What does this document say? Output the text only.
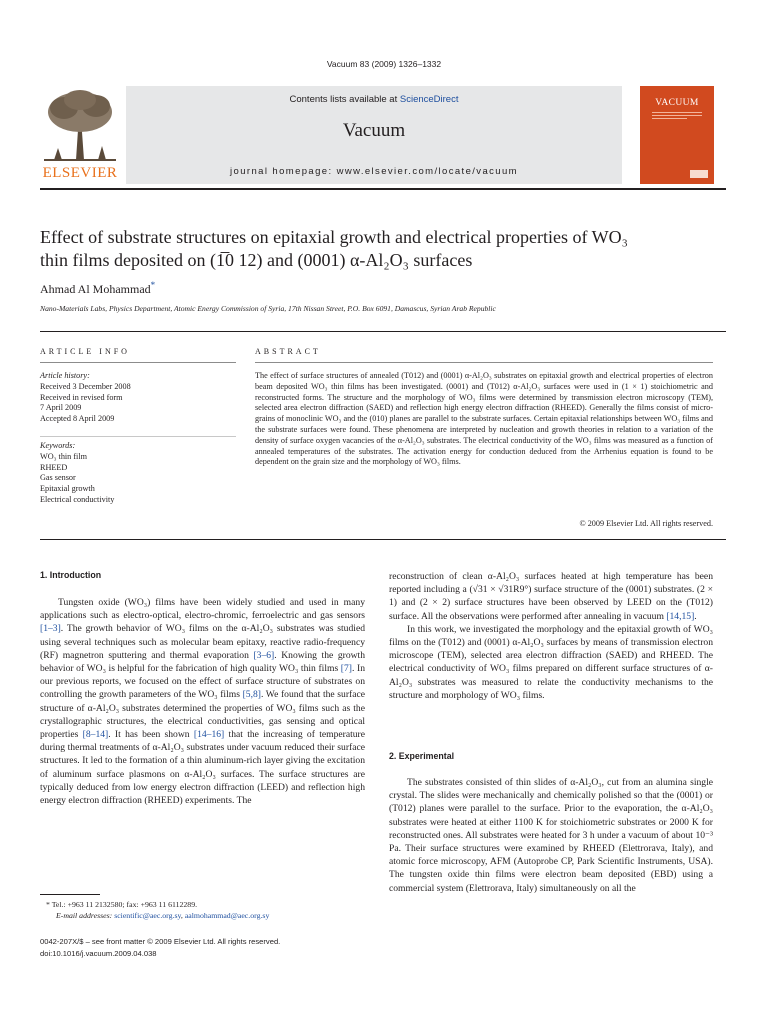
Vacuum 83 (2009) 1326–1332
ELSEVIER
Contents lists available at ScienceDirect
Vacuum
journal homepage: www.elsevier.com/locate/vacuum
VACUUM
Effect of substrate structures on epitaxial growth and electrical properties of WO₃
thin films deposited on (1̅0 12) and (0001) α-Al₂O₃ surfaces
Ahmad Al Mohammad*
Nano-Materials Labs, Physics Department, Atomic Energy Commission of Syria, 17th Nissan Street, P.O. Box 6091, Damascus, Syrian Arab Republic
ARTICLE INFO
Article history:
Received 3 December 2008
Received in revised form
7 April 2009
Accepted 8 April 2009
Keywords:
WO₃ thin film
RHEED
Gas sensor
Epitaxial growth
Electrical conductivity
ABSTRACT
The effect of surface structures of annealed (T012) and (0001) α-Al₂O₃ substrates on epitaxial growth and electrical properties of electron beam deposited WO₃ thin films has been investigated. (0001) and (T012) α-Al₂O₃ surfaces were used in (1 × 1) stoichiometric and reconstructed forms. The structure and the morphology of WO₃ films were determined by transmission electron microscopy (TEM), selected area electron diffraction (SAED) and reflection high energy electron diffraction (RHEED). Generally the films consist of micro-grains of monoclinic WO₃ and the (010) planes are parallel to the substrate surfaces. Certain epitaxial relationships between WO₃ films and the substrate surfaces were found. These phenomena are interpreted by nucleation and growth theories in relation to a variation of the density of surface oxygen vacancies of the α-Al₂O₃ substrates. The electrical conductivity of the WO₃ films was measured as a function of annealed temperatures of the substrates. The activation energy for conduction deduced from the Arrhenius equation is found to be dependent on the grain size and the morphology of WO₃ films.
© 2009 Elsevier Ltd. All rights reserved.
1. Introduction

Tungsten oxide (WO₃) films have been widely studied and used in many applications such as electro-optical, electro-chromic, ferroelectric and gas sensors [1–3]. The growth behavior of WO₃ films on the α-Al₂O₃ substrates was studied using several techniques such as molecular beam epitaxy, reactive radio-frequency (RF) magnetron sputtering and thermal evaporation [3–6]. Knowing the growth behavior of WO₃ is helpful for the fabrication of high quality WO₃ thin films [7]. In our previous reports, we focused on the effect of surface structure of substrates on controlling the growth parameters of the WO₃ films [5,8]. We found that the surface structure of α-Al₂O₃ substrates determined the properties of WO₃ films such as the crystallographic structures, the electrical conductivities, gas sensing and optical properties [8–14]. It has been shown [14–16] that the increasing of temperature during thermal treatments of α-Al₂O₃ substrates under vacuum reduced their surface structures. It led to the formation of a thin aluminum-rich layer giving the excitation of aluminum surface plasmons on α-Al₂O₃ surfaces. The surface structures are typically deduced from low energy electron diffraction (LEED) and reflection high energy electron diffraction (RHEED) experiments. The

* Tel.: +963 11 2132580; fax: +963 11 6112289.
E-mail addresses: scientific@aec.org.sy, aalmohammad@aec.org.sy
0042-207X/$ – see front matter © 2009 Elsevier Ltd. All rights reserved.
doi:10.1016/j.vacuum.2009.04.038
reconstruction of clean α-Al₂O₃ surfaces heated at high temperature has been reported including a (√31 × √31R9°) surface structure of the (0001) substrates. (2 × 1) and (2 × 2) surface structures have been observed by LEED on the (T012) surface. All the observations were performed after annealing in vacuum [14,15].

In this work, we investigated the morphology and the epitaxial growth of WO₃ films on the (T012) and (0001) α-Al₂O₃ surfaces by means of transmission electron microscope (TEM), selected area electron diffraction (SAED) and RHEED. The electrical conductivity of WO₃ films prepared on different surface structures of α-Al₂O₃ substrates was measured to relate the conductivity mechanisms to the structure and morphology of WO₃ films.

2. Experimental

The substrates consisted of thin slides of α-Al₂O₃, cut from an alumina single crystal. The slides were mechanically and chemically polished so that the (0001) or (T012) planes were parallel to the surface. Prior to the evaporation, the α-Al₂O₃ substrates were heated at either 1100 K for stoichiometric substrates or 2000 K for reconstructed ones. All substrates were heated for 3 h under a vacuum of about 10⁻³ Pa. Their surface structures were examined by RHEED (Elettrorava, Italy), and atomic force microscopy, AFM (Autoprobe CP, Park Scientific Instruments, USA). The tungsten oxide thin films were electron beam deposited (EBD) using a commercial system (Elettrorava, Italy) simultaneously on all the
